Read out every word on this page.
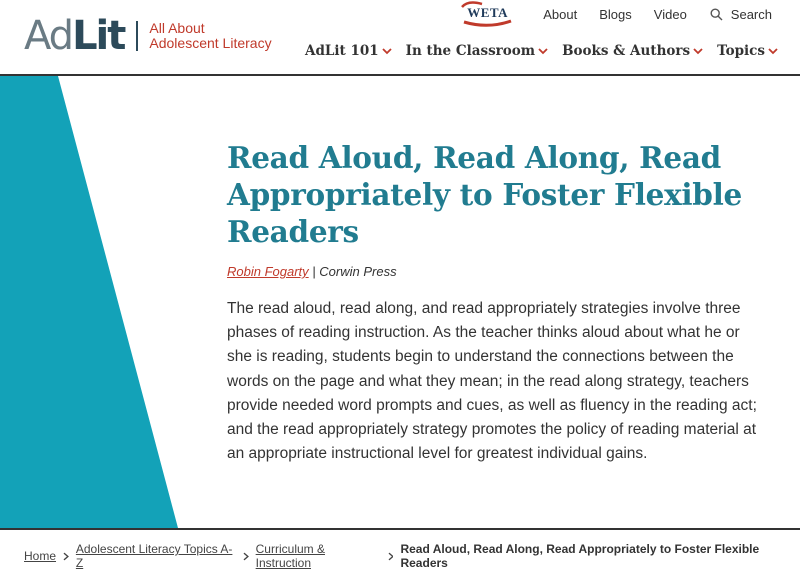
AdLit All About
Adolescent Literacy
WETA	About Blogs Video	Search
AdLit 101 In the Classroom Books & Authors Topics
Read Aloud, Read Along, Read Appropriately to Foster Flexible Readers
Robin Fogarty | Corwin Press

The read aloud, read along, and read appropriately strategies involve three phases of reading instruction. As the teacher thinks aloud about what he or she is reading, students begin to understand the connections between the words on the page and what they mean; in the read along strategy, teachers provide needed word prompts and cues, as well as fluency in the reading act; and the read appropriately strategy promotes the policy of reading material at an appropriate instructional level for greatest individual gains.

Home Adolescent Literacy Topics A-Z
Curriculum & Instruction
Read Aloud, Read Along, Read Appropriately to Foster Flexible Readers
